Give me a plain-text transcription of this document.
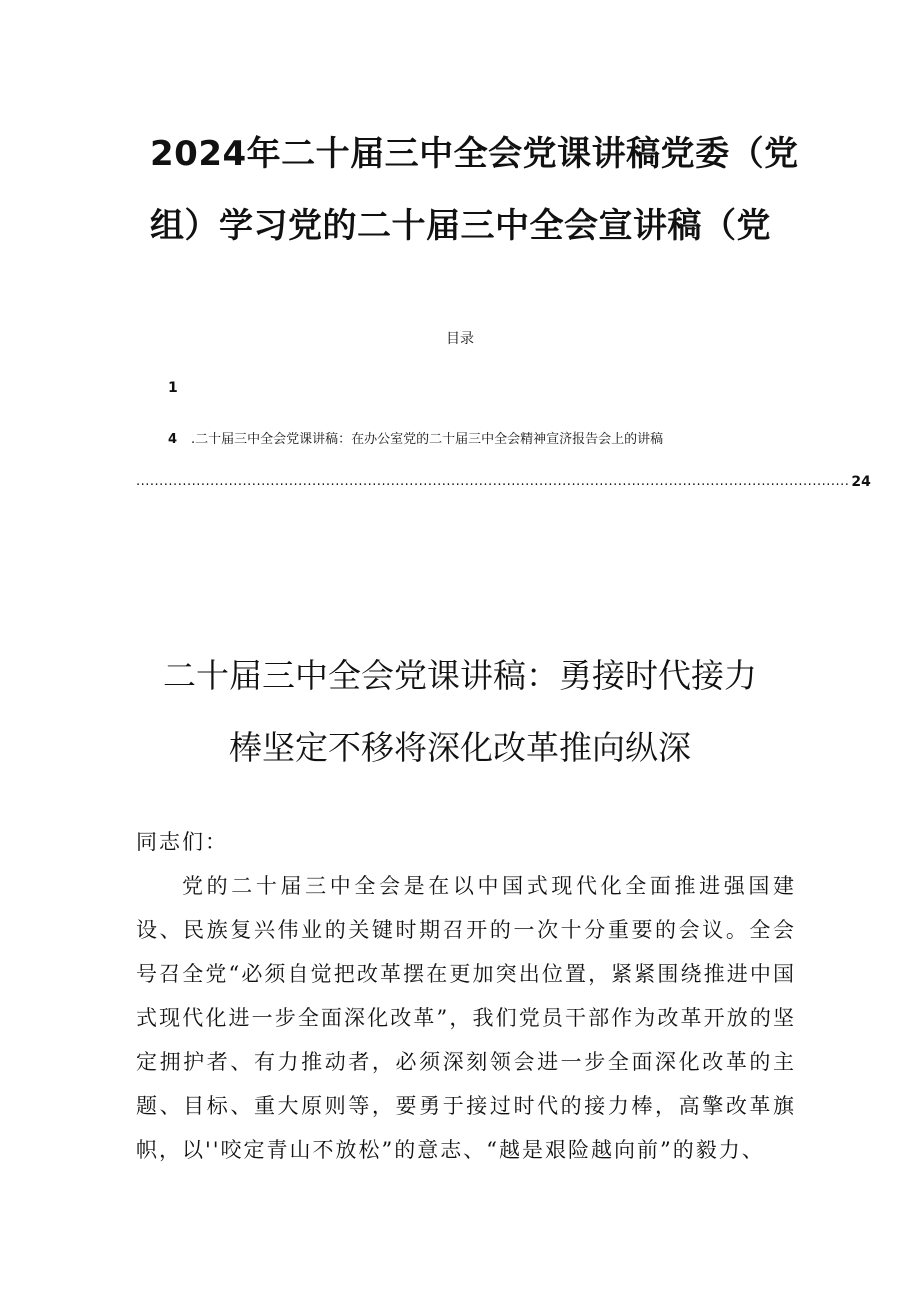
2024年二十届三中全会党课讲稿党委（党
组）学习党的二十届三中全会宣讲稿（党
目录
1
4 .二十届三中全会党课讲稿：在办公室党的二十届三中全会精神宣济报告会上的讲稿
.......................................................................................................................................................... 24
二十届三中全会党课讲稿：勇接时代接力
棒坚定不移将深化改革推向纵深
同志们：
党的二十届三中全会是在以中国式现代化全面推进强国建设、民族复兴伟业的关键时期召开的一次十分重要的会议。全会号召全党“必须自觉把改革摆在更加突出位置，紧紧围绕推进中国式现代化进一步全面深化改革”，我们党员干部作为改革开放的坚定拥护者、有力推动者，必须深刻领会进一步全面深化改革的主题、目标、重大原则等，要勇于接过时代的接力棒，高擎改革旗帜，以''咬定青山不放松”的意志、“越是艰险越向前”的毅力、
